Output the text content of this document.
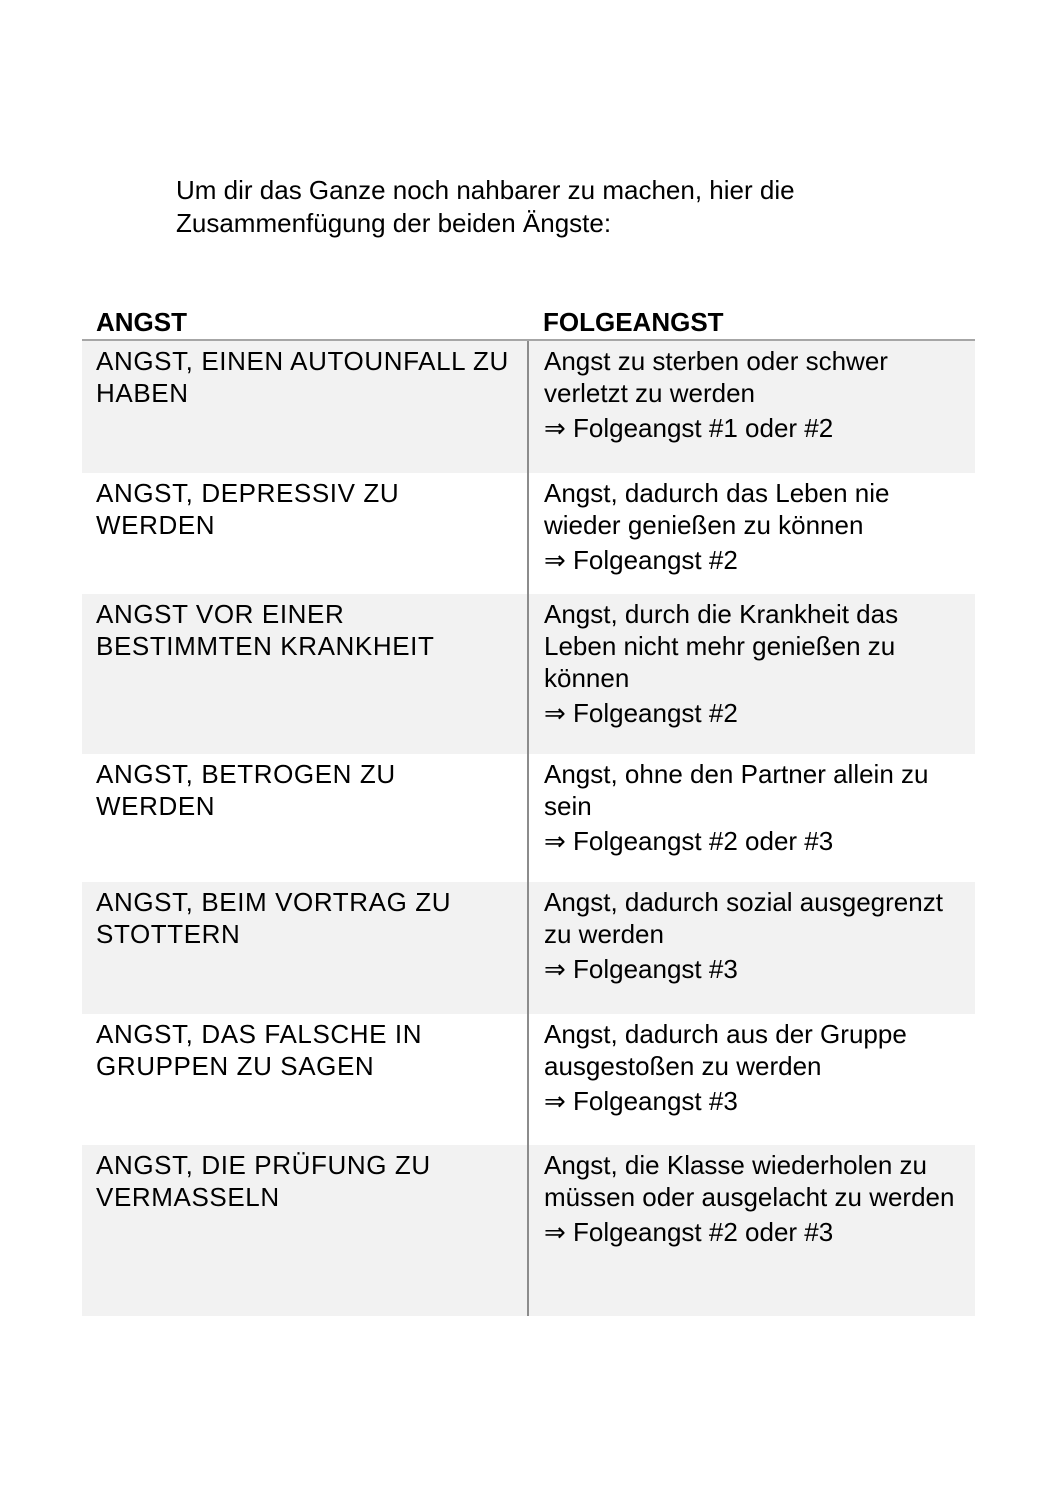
Um dir das Ganze noch nahbarer zu machen, hier die
Zusammenfügung der beiden Ängste:

ANGST	FOLGEANGST
ANGST, EINEN AUTOUNFALL ZU HABEN	Angst zu sterben oder schwer verletzt zu werden
⇒ Folgeangst #1 oder #2

ANGST, DEPRESSIV ZU WERDEN	Angst, dadurch das Leben nie wieder genießen zu können
⇒ Folgeangst #2

ANGST VOR EINER BESTIMMTEN KRANKHEIT	Angst, durch die Krankheit das Leben nicht mehr genießen zu können
⇒ Folgeangst #2

ANGST, BETROGEN ZU WERDEN	Angst, ohne den Partner allein zu sein
⇒ Folgeangst #2 oder #3

ANGST, BEIM VORTRAG ZU STOTTERN	Angst, dadurch sozial ausgegrenzt zu werden
⇒ Folgeangst #3

ANGST, DAS FALSCHE IN GRUPPEN ZU SAGEN	Angst, dadurch aus der Gruppe ausgestoßen zu werden
⇒ Folgeangst #3

ANGST, DIE PRÜFUNG ZU VERMASSELN	Angst, die Klasse wiederholen zu müssen oder ausgelacht zu werden
⇒ Folgeangst #2 oder #3
